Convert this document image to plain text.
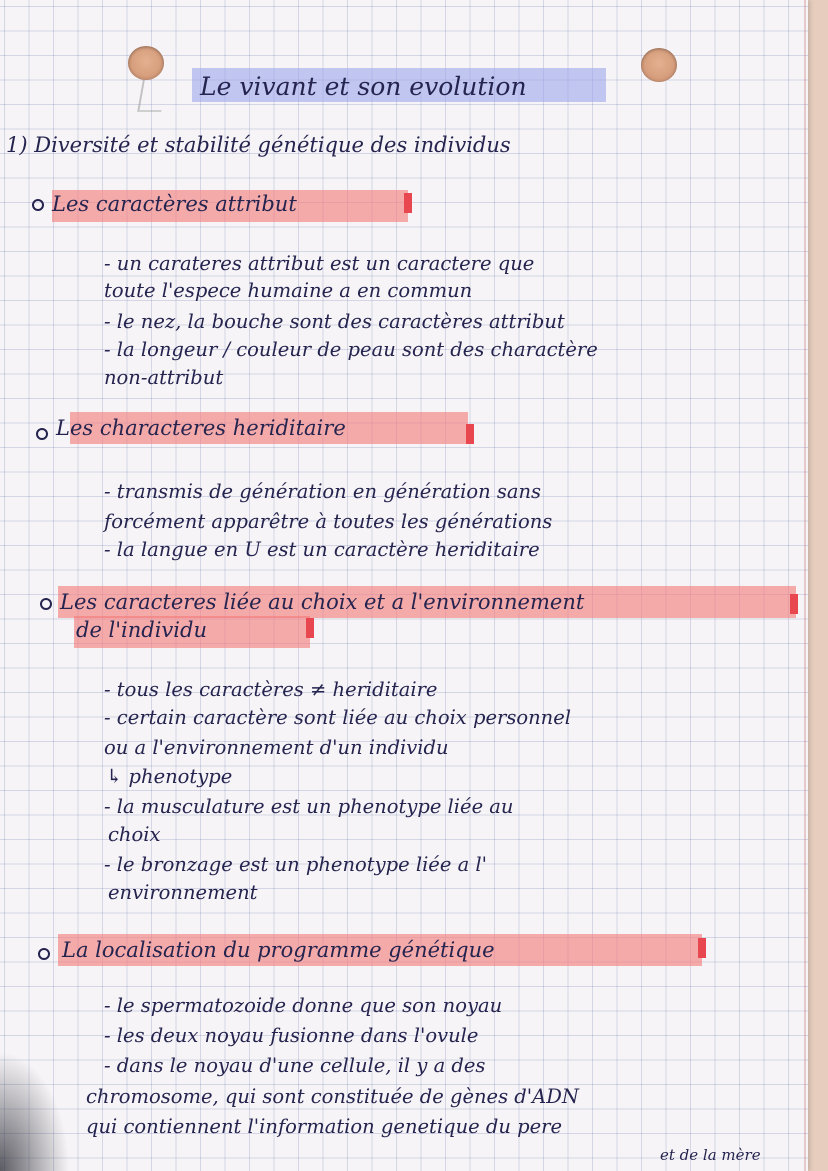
Le vivant et son evolution

1) Diversité et stabilité génétique des individus

Les caractères attribut

- un carateres attribut est un caractere que

toute l'espece humaine a en commun

- le nez, la bouche sont des caractères attribut

- la longeur / couleur de peau sont des charactère

non-attribut

Les characteres heriditaire

- transmis de génération en génération sans

forcément apparêtre à toutes les générations

- la langue en U est un caractère heriditaire

Les caracteres liée au choix et a l'environnement

de l'individu

- tous les caractères ≠ heriditaire

- certain caractère sont liée au choix personnel

ou a l'environnement d'un individu

↳ phenotype

- la musculature est un phenotype liée au

choix

- le bronzage est un phenotype liée a l'

environnement

La localisation du programme génétique

- le spermatozoide donne que son noyau

- les deux noyau fusionne dans l'ovule

- dans le noyau d'une cellule, il y a des

chromosome, qui sont constituée de gènes d'ADN

qui contiennent l'information genetique du pere

et de la mère
